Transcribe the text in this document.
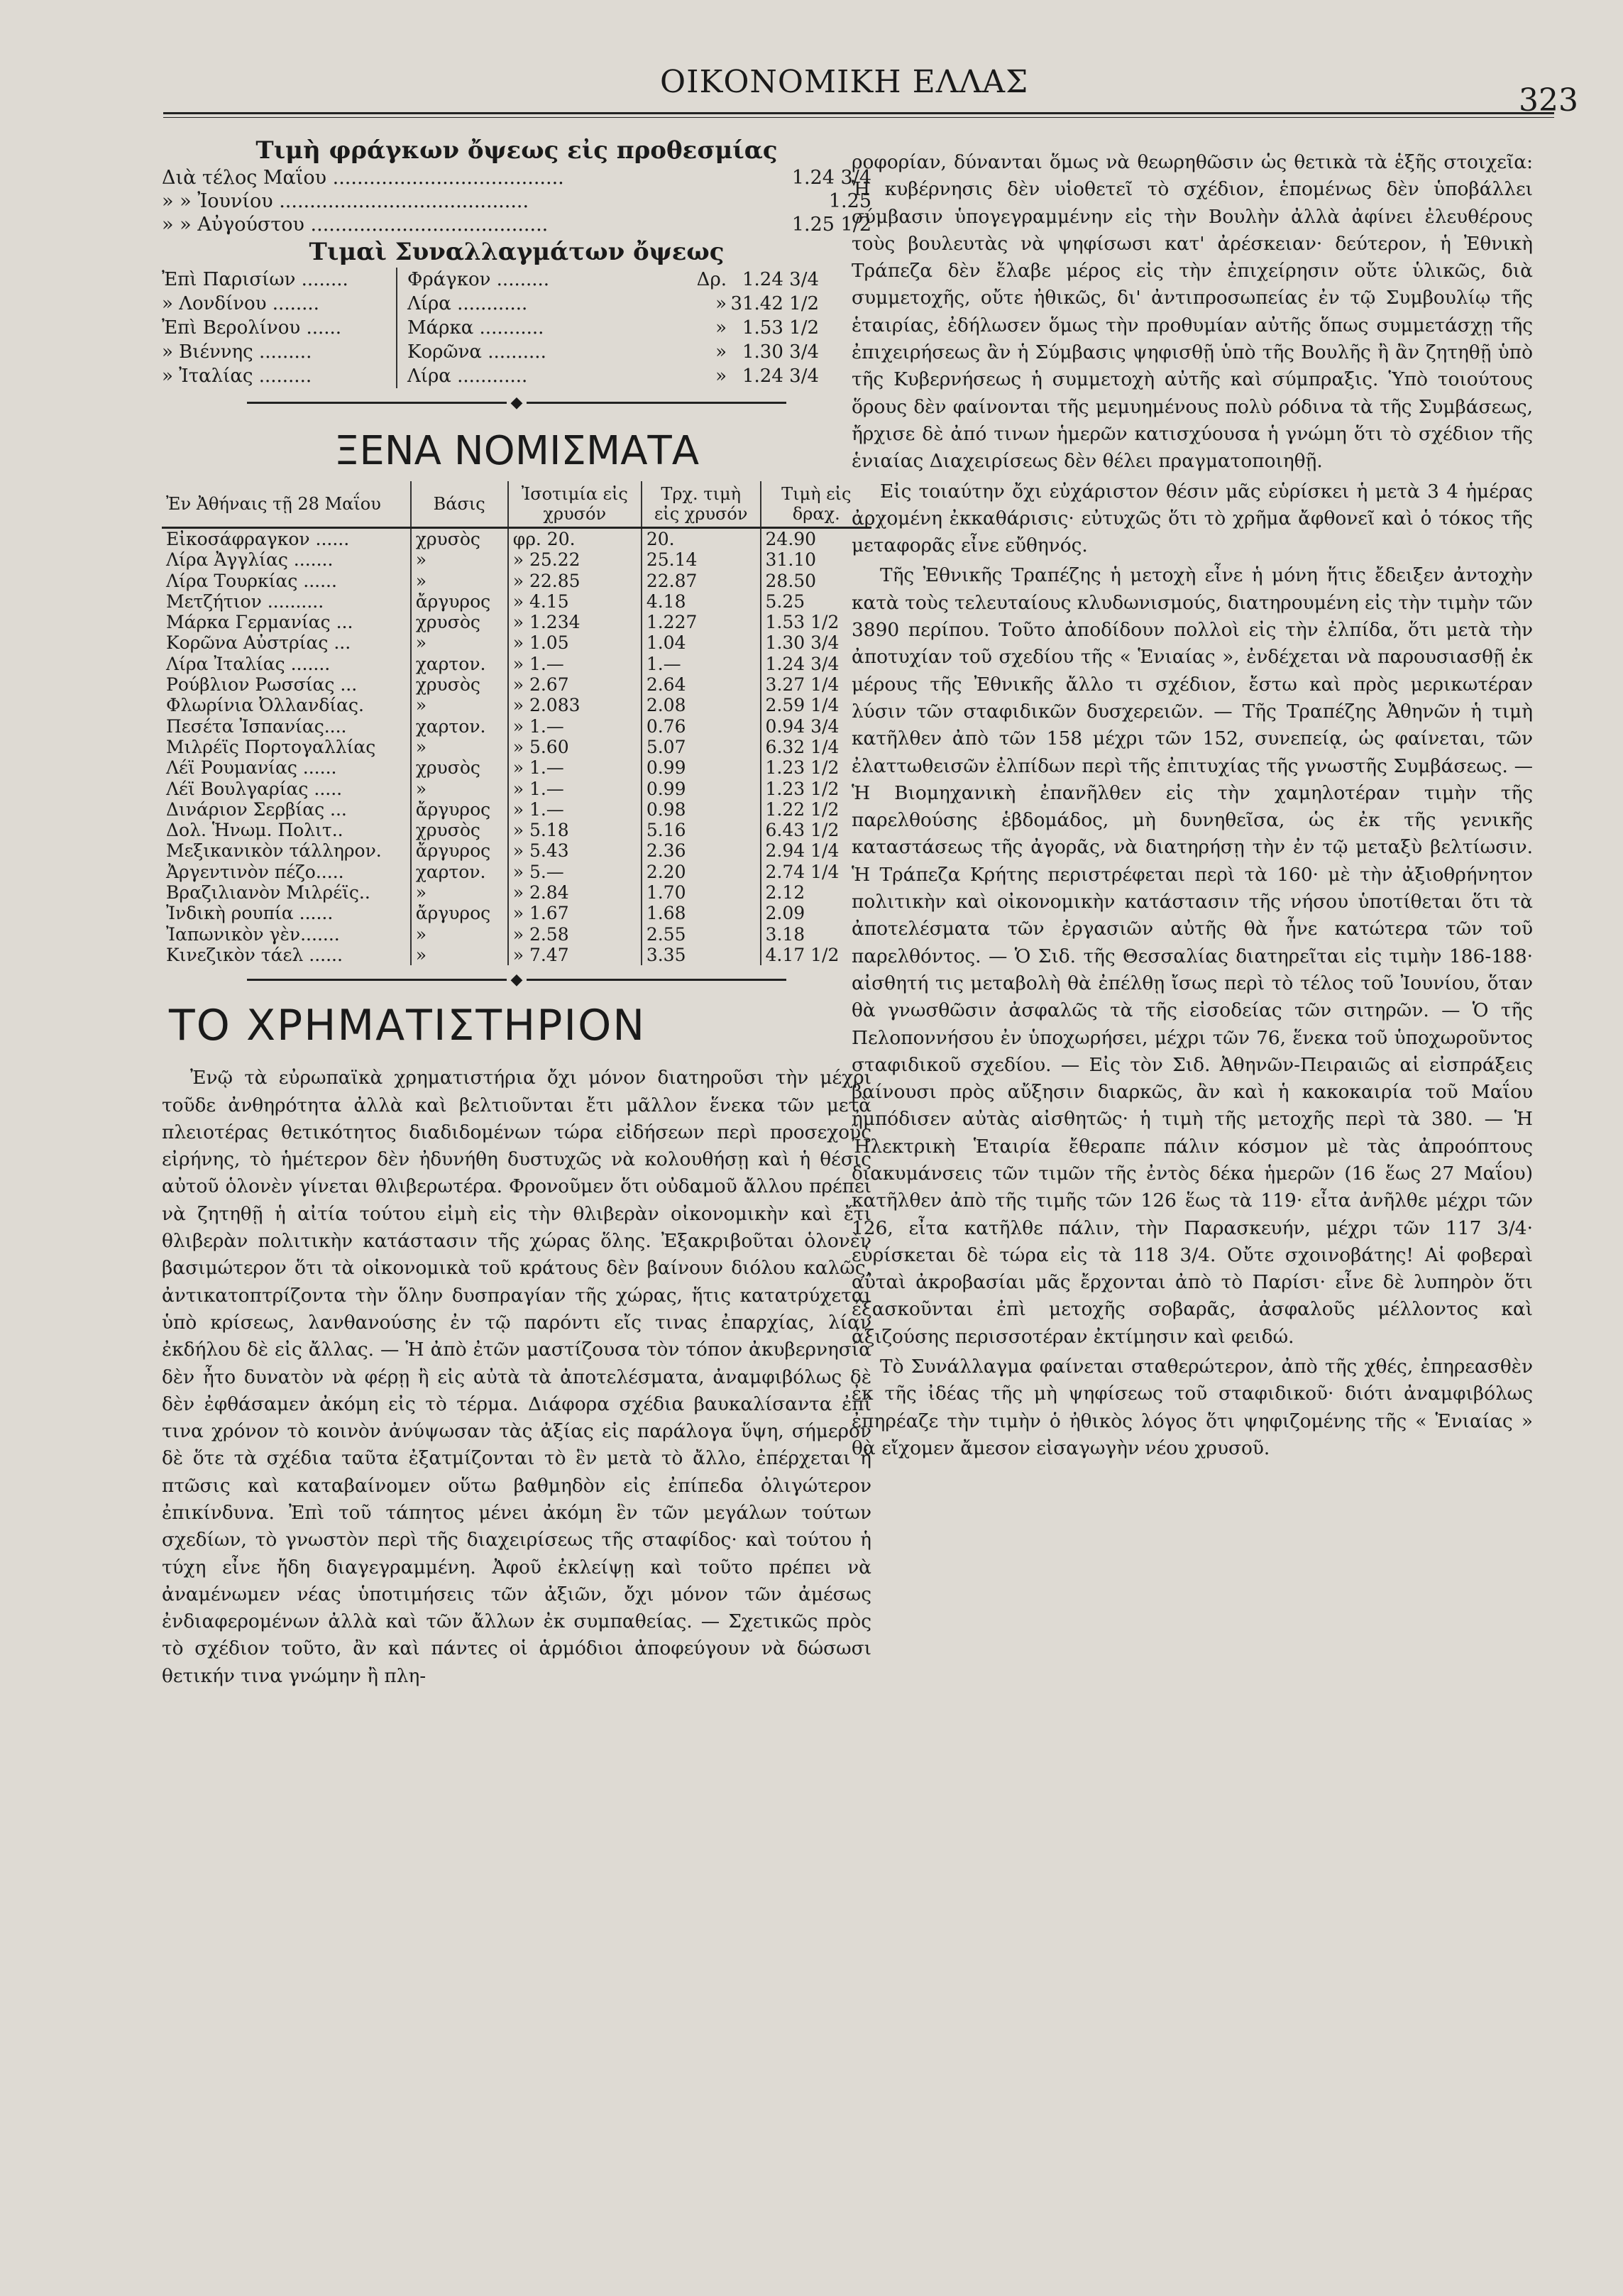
ΟΙΚΟΝΟΜΙΚΗ ΕΛΛΑΣ
323
Τιμὴ φράγκων ὄψεως εἰς προθεσμίας
Διὰ τέλος Μαΐου ......................................	1.24 3/4
» » Ἰουνίου .........................................	1.25
» » Αὐγούστου .......................................	1.25 1/2
Τιμαὶ Συναλλαγμάτων ὄψεως
Ἐπὶ Παρισίων ........	Φράγκον .........	Δρ. 1.24 3/4
» Λονδίνου ........	Λίρα ............	» 31.42 1/2
Ἐπὶ Βερολίνου ......	Μάρκα ...........	» 1.53 1/2
» Βιέννης .........	Κορῶνα ..........	» 1.30 3/4
» Ἰταλίας .........	Λίρα ............	» 1.24 3/4
◆
ΞΕΝΑ ΝΟΜΙΣΜΑΤΑ
Ἐν Ἀθήναις τῇ 28 Μαΐου	Βάσις	Ἰσοτιμία εἰς χρυσόν	Τρχ. τιμὴ εἰς χρυσόν	Τιμὴ εἰς δραχ.
Εἰκοσάφραγκον ......	χρυσὸς	φρ. 20.	20.	24.90
Λίρα Ἀγγλίας .......	»	» 25.22	25.14	31.10
Λίρα Τουρκίας ......	»	» 22.85	22.87	28.50
Μετζήτιον ..........	ἄργυρος	» 4.15	4.18	5.25
Μάρκα Γερμανίας ...	χρυσὸς	» 1.234	1.227	1.53 1/2
Κορῶνα Αὐστρίας ...	»	» 1.05	1.04	1.30 3/4
Λίρα Ἰταλίας .......	χαρτον.	» 1.—	1.—	1.24 3/4
Ρούβλιον Ρωσσίας ...	χρυσὸς	» 2.67	2.64	3.27 1/4
Φλωρίνια Ὀλλανδίας.	»	» 2.083	2.08	2.59 1/4
Πεσέτα Ἰσπανίας....	χαρτον.	» 1.—	0.76	0.94 3/4
Μιλρέϊς Πορτογαλλίας	»	» 5.60	5.07	6.32 1/4
Λέϊ Ρουμανίας ......	χρυσὸς	» 1.—	0.99	1.23 1/2
Λέϊ Βουλγαρίας .....	»	» 1.—	0.99	1.23 1/2
Δινάριον Σερβίας ...	ἄργυρος	» 1.—	0.98	1.22 1/2
Δολ. Ἡνωμ. Πολιτ..	χρυσὸς	» 5.18	5.16	6.43 1/2
Μεξικανικὸν τάλληρον.	ἄργυρος	» 5.43	2.36	2.94 1/4
Ἀργεντινὸν πέζο.....	χαρτον.	» 5.—	2.20	2.74 1/4
Βραζιλιανὸν Μιλρέϊς..	»	» 2.84	1.70	2.12
Ἰνδικὴ ρουπία ......	ἄργυρος	» 1.67	1.68	2.09
Ἰαπωνικὸν γὲν.......	»	» 2.58	2.55	3.18
Κινεζικὸν τάελ ......	»	» 7.47	3.35	4.17 1/2
◆
ΤΟ ΧΡΗΜΑΤΙΣΤΗΡΙΟΝ

Ἐνῷ τὰ εὐρωπαϊκὰ χρηματιστήρια ὄχι μόνον διατηροῦσι τὴν μέχρι τοῦδε ἀνθηρότητα ἀλλὰ καὶ βελτιοῦνται ἔτι μᾶλλον ἕνεκα τῶν μετὰ πλειοτέρας θετικότητος διαδιδομένων τώρα εἰδήσεων περὶ προσεχοῦς εἰρήνης, τὸ ἡμέτερον δὲν ἠδυνήθη δυστυχῶς νὰ κολουθήσῃ καὶ ἡ θέσις αὐτοῦ ὁλονὲν γίνεται θλιβερωτέρα. Φρονοῦμεν ὅτι οὐδαμοῦ ἄλλου πρέπει νὰ ζητηθῇ ἡ αἰτία τούτου εἰμὴ εἰς τὴν θλιβερὰν οἰκονομικὴν καὶ ἔτι θλιβερὰν πολιτικὴν κατάστασιν τῆς χώρας ὅλης. Ἐξακριβοῦται ὁλονὲν βασιμώτερον ὅτι τὰ οἰκονομικὰ τοῦ κράτους δὲν βαίνουν διόλου καλῶς, ἀντικατοπτρίζοντα τὴν ὅλην δυσπραγίαν τῆς χώρας, ἥτις κατατρύχεται ὑπὸ κρίσεως, λανθανούσης ἐν τῷ παρόντι εἴς τινας ἐπαρχίας, λίαν ἐκδήλου δὲ εἰς ἄλλας. — Ἡ ἀπὸ ἐτῶν μαστίζουσα τὸν τόπον ἀκυβερνησία δὲν ἦτο δυνατὸν νὰ φέρῃ ἢ εἰς αὐτὰ τὰ ἀποτελέσματα, ἀναμφιβόλως δὲ δὲν ἐφθάσαμεν ἀκόμη εἰς τὸ τέρμα. Διάφορα σχέδια βαυκαλίσαντα ἐπί τινα χρόνον τὸ κοινὸν ἀνύψωσαν τὰς ἀξίας εἰς παράλογα ὕψη, σήμερον δὲ ὅτε τὰ σχέδια ταῦτα ἐξατμίζονται τὸ ἓν μετὰ τὸ ἄλλο, ἐπέρχεται ἡ πτῶσις καὶ καταβαίνομεν οὕτω βαθμηδὸν εἰς ἐπίπεδα ὀλιγώτερον ἐπικίνδυνα. Ἐπὶ τοῦ τάπητος μένει ἀκόμη ἓν τῶν μεγάλων τούτων σχεδίων, τὸ γνωστὸν περὶ τῆς διαχειρίσεως τῆς σταφίδος· καὶ τούτου ἡ τύχη εἶνε ἤδη διαγεγραμμένη. Ἀφοῦ ἐκλείψῃ καὶ τοῦτο πρέπει νὰ ἀναμένωμεν νέας ὑποτιμήσεις τῶν ἀξιῶν, ὄχι μόνον τῶν ἀμέσως ἐνδιαφερομένων ἀλλὰ καὶ τῶν ἄλλων ἐκ συμπαθείας. — Σχετικῶς πρὸς τὸ σχέδιον τοῦτο, ἂν καὶ πάντες οἱ ἁρμόδιοι ἀποφεύγουν νὰ δώσωσι θετικήν τινα γνώμην ἢ πλη-

ροφορίαν, δύνανται ὅμως νὰ θεωρηθῶσιν ὡς θετικὰ τὰ ἑξῆς στοιχεῖα: Ἡ κυβέρνησις δὲν υἱοθετεῖ τὸ σχέδιον, ἑπομένως δὲν ὑποβάλλει σύμβασιν ὑπογεγραμμένην εἰς τὴν Βουλὴν ἀλλὰ ἀφίνει ἐλευθέρους τοὺς βουλευτὰς νὰ ψηφίσωσι κατ' ἀρέσκειαν· δεύτερον, ἡ Ἐθνικὴ Τράπεζα δὲν ἔλαβε μέρος εἰς τὴν ἐπιχείρησιν οὔτε ὑλικῶς, διὰ συμμετοχῆς, οὔτε ἠθικῶς, δι' ἀντιπροσωπείας ἐν τῷ Συμβουλίῳ τῆς ἑταιρίας, ἐδήλωσεν ὅμως τὴν προθυμίαν αὐτῆς ὅπως συμμετάσχῃ τῆς ἐπιχειρήσεως ἂν ἡ Σύμβασις ψηφισθῇ ὑπὸ τῆς Βουλῆς ἢ ἂν ζητηθῇ ὑπὸ τῆς Κυβερνήσεως ἡ συμμετοχὴ αὐτῆς καὶ σύμπραξις. Ὑπὸ τοιούτους ὅρους δὲν φαίνονται τῆς μεμυημένους πολὺ ρόδινα τὰ τῆς Συμβάσεως, ἤρχισε δὲ ἀπό τινων ἡμερῶν κατισχύουσα ἡ γνώμη ὅτι τὸ σχέδιον τῆς ἑνιαίας Διαχειρίσεως δὲν θέλει πραγματοποιηθῇ.

Εἰς τοιαύτην ὄχι εὐχάριστον θέσιν μᾶς εὑρίσκει ἡ μετὰ 3 4 ἡμέρας ἀρχομένη ἐκκαθάρισις· εὐτυχῶς ὅτι τὸ χρῆμα ἄφθονεῖ καὶ ὁ τόκος τῆς μεταφορᾶς εἶνε εὔθηνός.

Τῆς Ἐθνικῆς Τραπέζης ἡ μετοχὴ εἶνε ἡ μόνη ἥτις ἔδειξεν ἀντοχὴν κατὰ τοὺς τελευταίους κλυδωνισμούς, διατηρουμένη εἰς τὴν τιμὴν τῶν 3890 περίπου. Τοῦτο ἀποδίδουν πολλοὶ εἰς τὴν ἐλπίδα, ὅτι μετὰ τὴν ἀποτυχίαν τοῦ σχεδίου τῆς « Ἑνιαίας », ἐνδέχεται νὰ παρουσιασθῇ ἐκ μέρους τῆς Ἐθνικῆς ἄλλο τι σχέδιον, ἔστω καὶ πρὸς μερικωτέραν λύσιν τῶν σταφιδικῶν δυσχερειῶν. — Τῆς Τραπέζης Ἀθηνῶν ἡ τιμὴ κατῆλθεν ἀπὸ τῶν 158 μέχρι τῶν 152, συνεπείᾳ, ὡς φαίνεται, τῶν ἐλαττωθεισῶν ἐλπίδων περὶ τῆς ἐπιτυχίας τῆς γνωστῆς Συμβάσεως. — Ἡ Βιομηχανικὴ ἐπανῆλθεν εἰς τὴν χαμηλοτέραν τιμὴν τῆς παρελθούσης ἑβδομάδος, μὴ δυνηθεῖσα, ὡς ἐκ τῆς γενικῆς καταστάσεως τῆς ἀγορᾶς, νὰ διατηρήσῃ τὴν ἐν τῷ μεταξὺ βελτίωσιν. Ἡ Τράπεζα Κρήτης περιστρέφεται περὶ τὰ 160· μὲ τὴν ἀξιοθρήνητον πολιτικὴν καὶ οἰκονομικὴν κατάστασιν τῆς νήσου ὑποτίθεται ὅτι τὰ ἀποτελέσματα τῶν ἐργασιῶν αὐτῆς θὰ ἦνε κατώτερα τῶν τοῦ παρελθόντος. — Ὁ Σιδ. τῆς Θεσσαλίας διατηρεῖται εἰς τιμὴν 186-188· αἰσθητή τις μεταβολὴ θὰ ἐπέλθῃ ἴσως περὶ τὸ τέλος τοῦ Ἰουνίου, ὅταν θὰ γνωσθῶσιν ἀσφαλῶς τὰ τῆς εἰσοδείας τῶν σιτηρῶν. — Ὁ τῆς Πελοποννήσου ἐν ὑποχωρήσει, μέχρι τῶν 76, ἕνεκα τοῦ ὑποχωροῦντος σταφιδικοῦ σχεδίου. — Εἰς τὸν Σιδ. Ἀθηνῶν-Πειραιῶς αἱ εἰσπράξεις βαίνουσι πρὸς αὔξησιν διαρκῶς, ἂν καὶ ἡ κακοκαιρία τοῦ Μαΐου ἠμπόδισεν αὐτὰς αἰσθητῶς· ἡ τιμὴ τῆς μετοχῆς περὶ τὰ 380. — Ἡ Ἠλεκτρικὴ Ἑταιρία ἔθεραπε πάλιν κόσμον μὲ τὰς ἀπροόπτους διακυμάνσεις τῶν τιμῶν τῆς ἐντὸς δέκα ἡμερῶν (16 ἕως 27 Μαΐου) κατῆλθεν ἀπὸ τῆς τιμῆς τῶν 126 ἕως τὰ 119· εἶτα ἀνῆλθε μέχρι τῶν 126, εἶτα κατῆλθε πάλιν, τὴν Παρασκευήν, μέχρι τῶν 117 3/4· εὑρίσκεται δὲ τώρα εἰς τὰ 118 3/4. Οὔτε σχοινοβάτης! Αἱ φοβεραὶ αὐταὶ ἀκροβασίαι μᾶς ἔρχονται ἀπὸ τὸ Παρίσι· εἶνε δὲ λυπηρὸν ὅτι ἐξασκοῦνται ἐπὶ μετοχῆς σοβαρᾶς, ἀσφαλοῦς μέλλοντος καὶ ἀξιζούσης περισσοτέραν ἐκτίμησιν καὶ φειδώ.

Τὸ Συνάλλαγμα φαίνεται σταθερώτερον, ἀπὸ τῆς χθές, ἐπηρεασθὲν ἐκ τῆς ἰδέας τῆς μὴ ψηφίσεως τοῦ σταφιδικοῦ· διότι ἀναμφιβόλως ἐπηρέαζε τὴν τιμὴν ὁ ἠθικὸς λόγος ὅτι ψηφιζομένης τῆς « Ἑνιαίας » θὰ εἴχομεν ἄμεσον εἰσαγωγὴν νέου χρυσοῦ.
